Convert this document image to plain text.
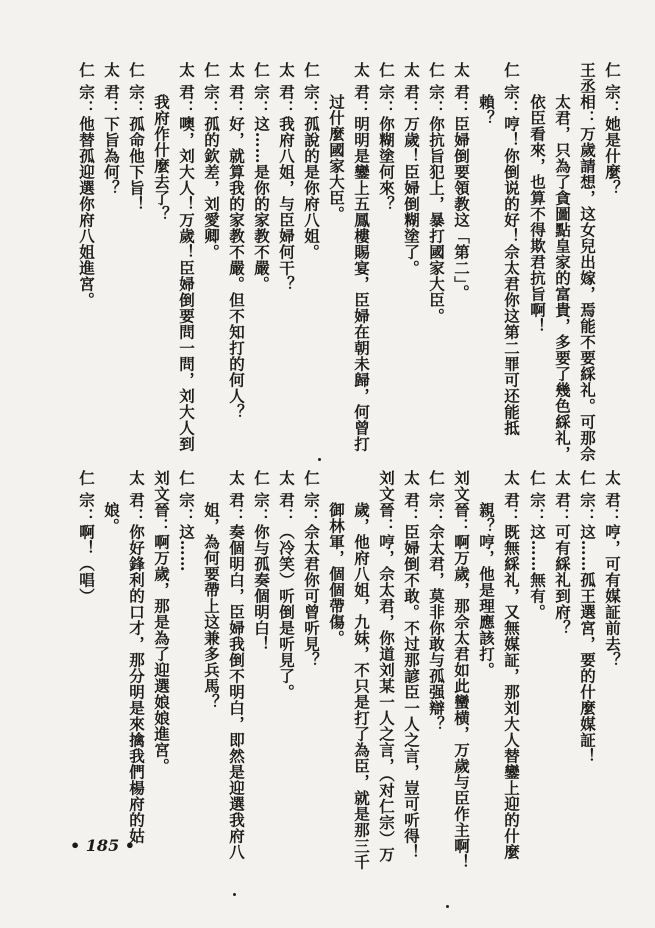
仁 宗：她是什麼？
王丞相：万歲請想，这女兒出嫁，焉能不要綵礼。可那佘
　　太君，只為了貪圖點皇家的富貴，多要了幾色綵礼，
　　依臣看來，也算不得欺君抗旨啊！
仁 宗：哼！你倒说的好！佘太君你这第二罪可还能抵
　　賴？
太 君：臣婦倒要領教这「第二」。
仁 宗：你抗旨犯上，暴打國家大臣。
太 君：万歲！臣婦倒糊塗了。
仁 宗：你糊塗何來？
太 君：明明是鑾上五鳳樓賜宴，臣婦在朝未歸，何曾打
　　过什麼國家大臣。
仁 宗：孤說的是你府八姐。
太 君：我府八姐，与臣婦何干？
仁 宗：这……是你的家教不嚴。
太 君：好，就算我的家教不嚴。但不知打的何人？
仁 宗：孤的欽差，刘愛卿。
太 君：噢，刘大人！万歲！臣婦倒要問一問，刘大人到
　　我府作什麼去了？
仁 宗：孤命他下旨！
太 君：下旨為何？
仁 宗：他替孤迎選你府八姐進宮。
太 君：哼，可有媒証前去？
仁 宗：这……孤王選宮，要的什麼媒証！
太 君：可有綵礼到府？
仁 宗：这……無有。
太 君：既無綵礼，又無媒証，那刘大人替鑾上迎的什麼
　　親？哼，他是理應該打。
刘文晉：啊万歲，那佘太君如此蠻横，万歲与臣作主啊！
仁 宗：佘太君，莫非你敢与孤强辯？
太 君：臣婦倒不敢。不过那諺臣一人之言，豈可听得！
刘文晉：哼，佘太君，你道刘某一人之言，（对仁宗）万
　　歲，他府八姐，九妹，不只是打了為臣，就是那三千
　　御林軍，個個帶傷。
仁 宗：佘太君你可曾听見？
太 君：（冷笑）听倒是听見了。
仁 宗：你与孤奏個明白！
太 君：奏個明白，臣婦我倒不明白，即然是迎選我府八
　　姐，為何要帶上这兼多兵馬？
仁 宗：这……
刘文晉：啊万歲，那是為了迎選娘娘進宮。
太 君：你好鋒利的口才，那分明是來擒我們楊府的姑
　　娘。
仁 宗：啊！（唱）
• 185 •
